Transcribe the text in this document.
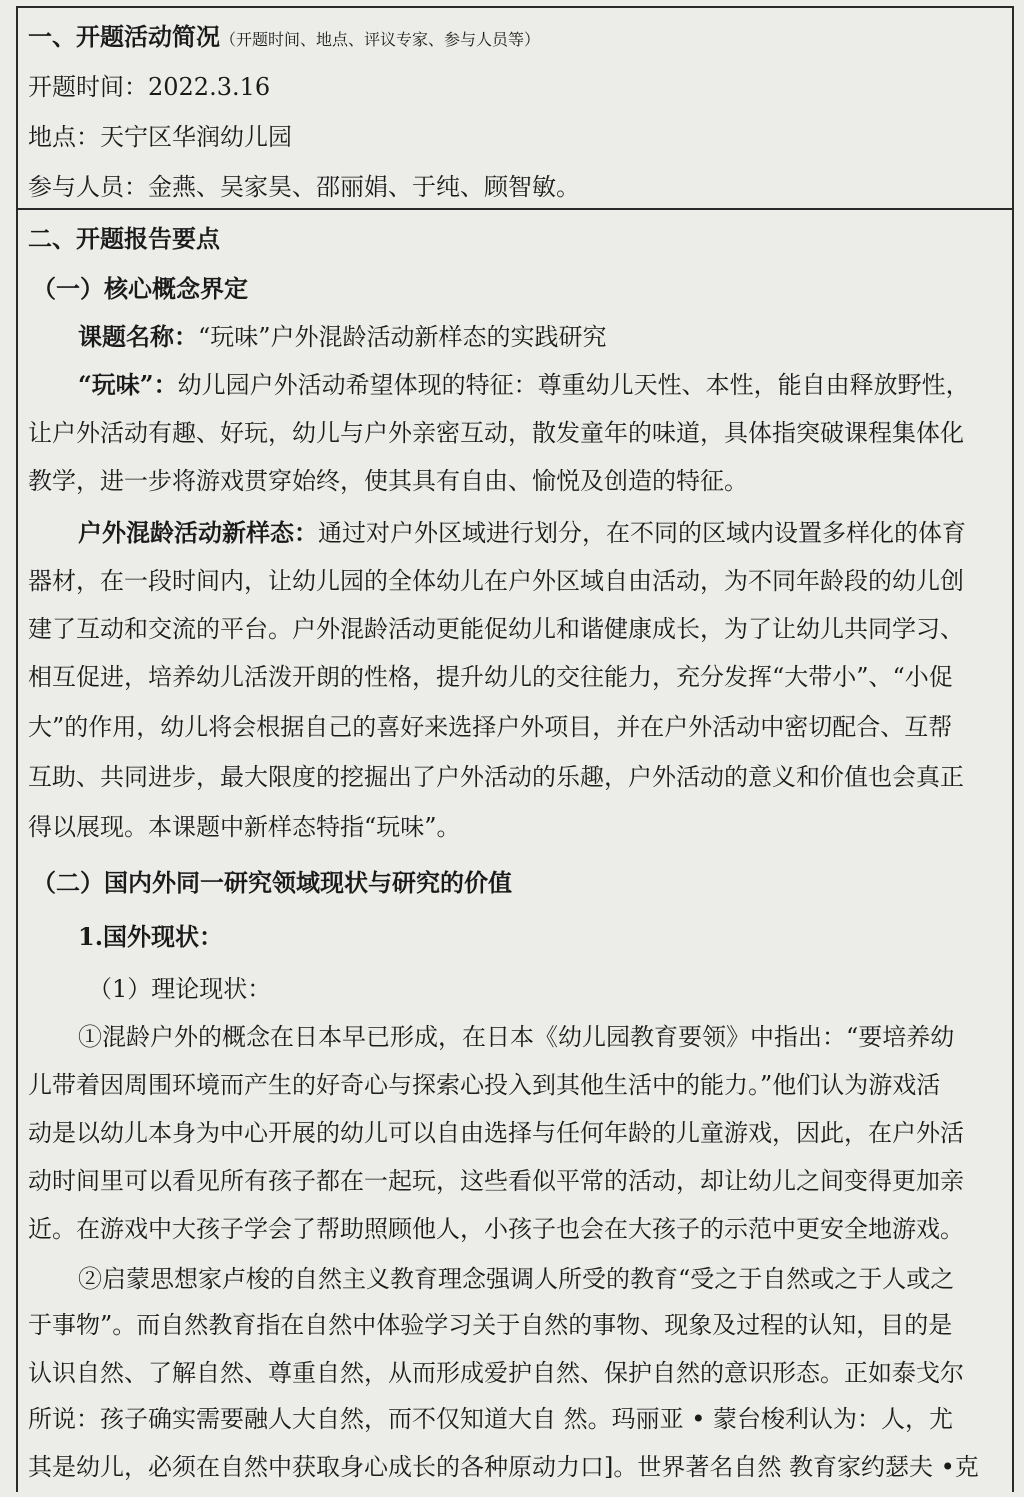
一、开题活动简况（开题时间、地点、评议专家、参与人员等）
开题时间：2022.3.16
地点：天宁区华润幼儿园
参与人员：金燕、吴家昊、邵丽娟、于纯、顾智敏。
二、开题报告要点
（一）核心概念界定
课题名称：“玩味”户外混龄活动新样态的实践研究
“玩味”：幼儿园户外活动希望体现的特征：尊重幼儿天性、本性，能自由释放野性，
让户外活动有趣、好玩，幼儿与户外亲密互动，散发童年的味道，具体指突破课程集体化
教学，进一步将游戏贯穿始终，使其具有自由、愉悦及创造的特征。
户外混龄活动新样态：通过对户外区域进行划分，在不同的区域内设置多样化的体育
器材，在一段时间内，让幼儿园的全体幼儿在户外区域自由活动，为不同年龄段的幼儿创
建了互动和交流的平台。户外混龄活动更能促幼儿和谐健康成长，为了让幼儿共同学习、
相互促进，培养幼儿活泼开朗的性格，提升幼儿的交往能力，充分发挥“大带小”、“小促
大”的作用，幼儿将会根据自己的喜好来选择户外项目，并在户外活动中密切配合、互帮
互助、共同进步，最大限度的挖掘出了户外活动的乐趣，户外活动的意义和价值也会真正
得以展现。本课题中新样态特指“玩味”。
（二）国内外同一研究领域现状与研究的价值
1.国外现状：
（1）理论现状：
①混龄户外的概念在日本早已形成，在日本《幼儿园教育要领》中指出：“要培养幼
儿带着因周围环境而产生的好奇心与探索心投入到其他生活中的能力。”他们认为游戏活
动是以幼儿本身为中心开展的幼儿可以自由选择与任何年龄的儿童游戏，因此，在户外活
动时间里可以看见所有孩子都在一起玩，这些看似平常的活动，却让幼儿之间变得更加亲
近。在游戏中大孩子学会了帮助照顾他人，小孩子也会在大孩子的示范中更安全地游戏。
②启蒙思想家卢梭的自然主义教育理念强调人所受的教育“受之于自然或之于人或之
于事物”。而自然教育指在自然中体验学习关于自然的事物、现象及过程的认知，目的是
认识自然、了解自然、尊重自然，从而形成爱护自然、保护自然的意识形态。正如泰戈尔
所说：孩子确实需要融人大自然，而不仅知道大自 然。玛丽亚 • 蒙台梭利认为：人，尤
其是幼儿，必须在自然中获取身心成长的各种原动力口]。世界著名自然 教育家约瑟夫 •克
